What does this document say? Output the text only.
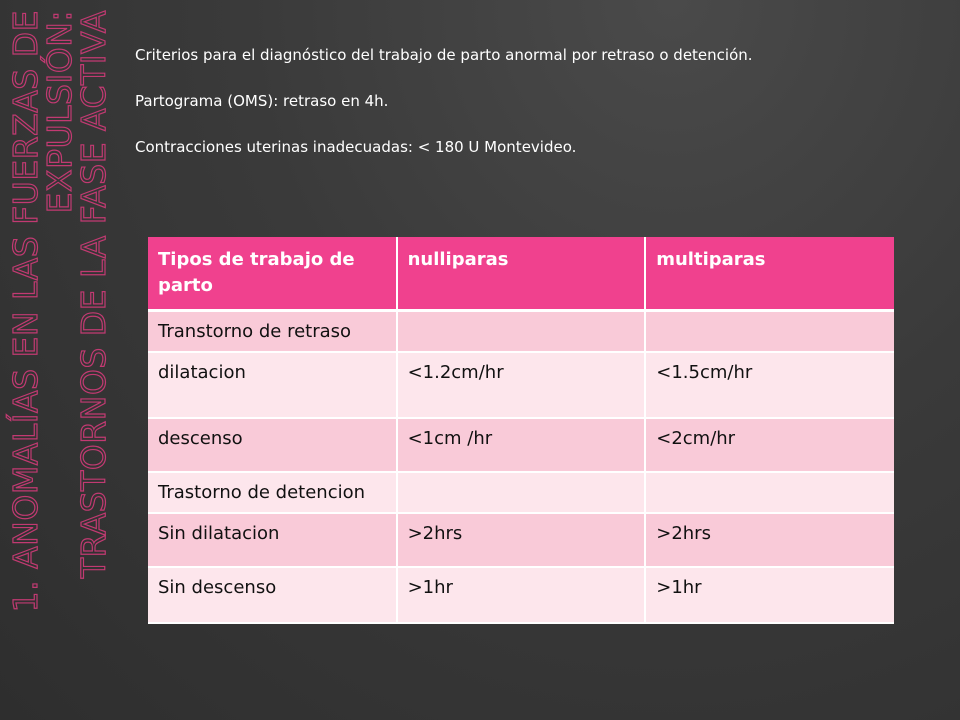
1. ANOMALÍAS EN LAS FUERZAS DE
EXPULSIÓN:
TRASTORNOS DE LA FASE ACTIVA Criterios para el diagnóstico del trabajo de parto anormal por retraso o detención.

Partograma (OMS): retraso en 4h.

Contracciones uterinas inadecuadas: < 180 U Montevideo.

Tipos de trabajo de parto	nulliparas	multiparas
Transtorno de retraso		
dilatacion	<1.2cm/hr	<1.5cm/hr
descenso	<1cm /hr	<2cm/hr
Trastorno de detencion		
Sin dilatacion	>2hrs	>2hrs
Sin descenso	>1hr	>1hr
